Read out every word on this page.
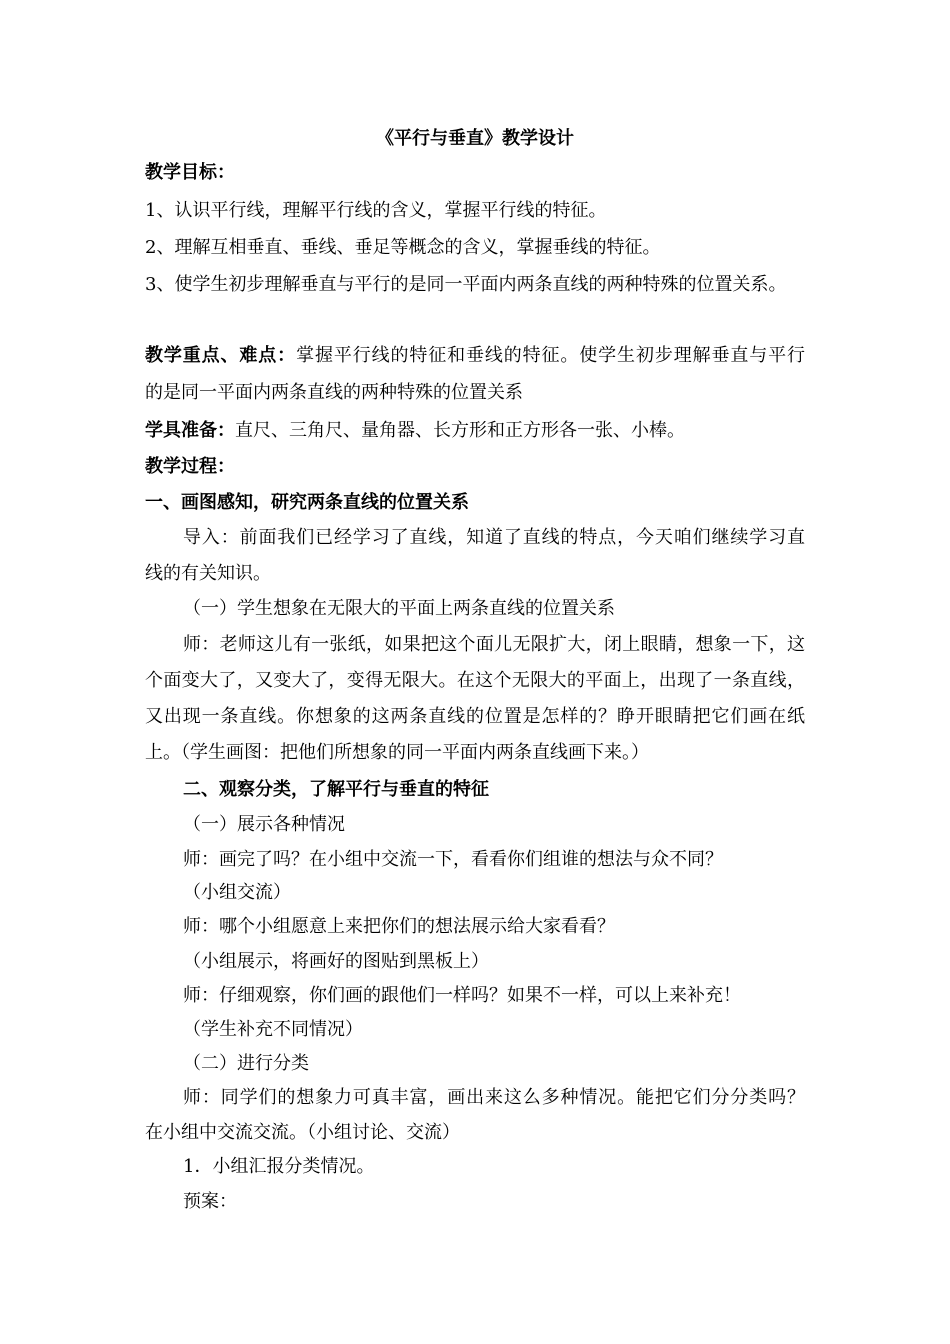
《平行与垂直》教学设计
教学目标：
1、认识平行线，理解平行线的含义，掌握平行线的特征。
2、理解互相垂直、垂线、垂足等概念的含义，掌握垂线的特征。
3、使学生初步理解垂直与平行的是同一平面内两条直线的两种特殊的位置关系。
教学重点、难点：掌握平行线的特征和垂线的特征。使学生初步理解垂直与平行
的是同一平面内两条直线的两种特殊的位置关系
学具准备：直尺、三角尺、量角器、长方形和正方形各一张、小棒。
教学过程：
一、画图感知，研究两条直线的位置关系
导入：前面我们已经学习了直线，知道了直线的特点，今天咱们继续学习直
线的有关知识。
（一）学生想象在无限大的平面上两条直线的位置关系
师：老师这儿有一张纸，如果把这个面儿无限扩大，闭上眼睛，想象一下，这
个面变大了，又变大了，变得无限大。在这个无限大的平面上，出现了一条直线，
又出现一条直线。你想象的这两条直线的位置是怎样的？睁开眼睛把它们画在纸
上。（学生画图：把他们所想象的同一平面内两条直线画下来。）
二、观察分类，了解平行与垂直的特征
（一）展示各种情况
师：画完了吗？在小组中交流一下，看看你们组谁的想法与众不同？
（小组交流）
师：哪个小组愿意上来把你们的想法展示给大家看看？
（小组展示，将画好的图贴到黑板上）
师：仔细观察，你们画的跟他们一样吗？如果不一样，可以上来补充！
（学生补充不同情况）
（二）进行分类
师：同学们的想象力可真丰富，画出来这么多种情况。能把它们分分类吗？
在小组中交流交流。（小组讨论、交流）
1．小组汇报分类情况。
预案：
